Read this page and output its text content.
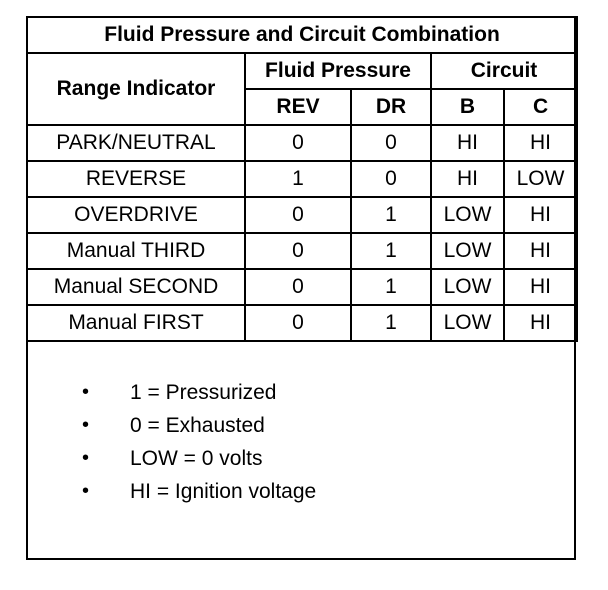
Fluid Pressure and Circuit Combination				
Range Indicator	Fluid Pressure		Circuit	
	REV	DR	B	C
PARK/NEUTRAL	0	0	HI	HI
REVERSE	1	0	HI	LOW
OVERDRIVE	0	1	LOW	HI
Manual THIRD	0	1	LOW	HI
Manual SECOND	0	1	LOW	HI
Manual FIRST	0	1	LOW	HI
• 1 = Pressurized
• 0 = Exhausted
• LOW = 0 volts
• HI = Ignition voltage
